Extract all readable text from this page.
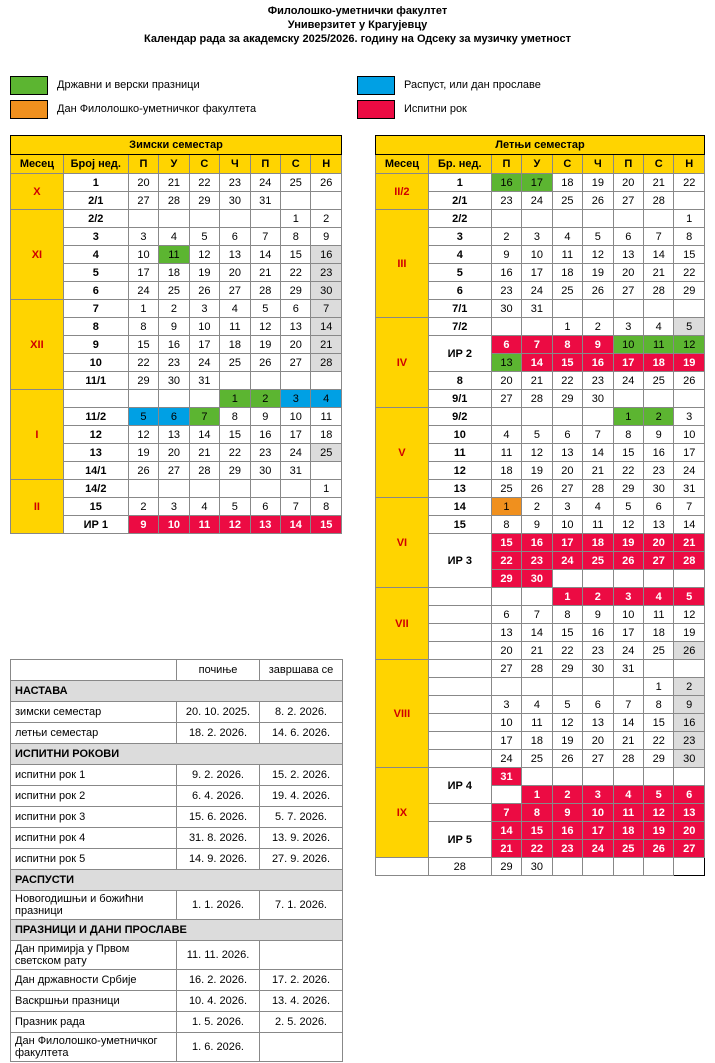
Филолошко-уметнички факултет
Универзитет у Крагујевцу
Календар рада за академску 2025/2026. годину на Одсеку за музичку уметност
Државни и верски празници
Дан Филолошко-уметничког факултета
Распуст, или дан прославе
Испитни рок
Зимски семестар								
Месец	Број нед.	П	У	С	Ч	П	С	Н
X	1	20	21	22	23	24	25	26
	2/1	27	28	29	30	31		
XI	2/2						1	2
	3	3	4	5	6	7	8	9
	4	10	11	12	13	14	15	16
	5	17	18	19	20	21	22	23
	6	24	25	26	27	28	29	30
XII	7	1	2	3	4	5	6	7
	8	8	9	10	11	12	13	14
	9	15	16	17	18	19	20	21
	10	22	23	24	25	26	27	28
	11/1	29	30	31				
I					1	2	3	4
	11/2	5	6	7	8	9	10	11
	12	12	13	14	15	16	17	18
	13	19	20	21	22	23	24	25
	14/1	26	27	28	29	30	31	
II	14/2							1
	15	2	3	4	5	6	7	8
	ИР 1	9	10	11	12	13	14	15
Летњи семестар								
Месец	Бр. нед.	П	У	С	Ч	П	С	Н
II/2	1	16	17	18	19	20	21	22
	2/1	23	24	25	26	27	28	
III	2/2							1
	3	2	3	4	5	6	7	8
	4	9	10	11	12	13	14	15
	5	16	17	18	19	20	21	22
	6	23	24	25	26	27	28	29
	7/1	30	31					
IV	7/2			1	2	3	4	5
	ИР 2	6	7	8	9	10	11	12
		13	14	15	16	17	18	19
	8	20	21	22	23	24	25	26
	9/1	27	28	29	30			
V	9/2					1	2	3
	10	4	5	6	7	8	9	10
	11	11	12	13	14	15	16	17
	12	18	19	20	21	22	23	24
	13	25	26	27	28	29	30	31
VI	14	1	2	3	4	5	6	7
	15	8	9	10	11	12	13	14
	ИР 3	15	16	17	18	19	20	21
		22	23	24	25	26	27	28
		29	30					
VII				1	2	3	4	5
		6	7	8	9	10	11	12
		13	14	15	16	17	18	19
		20	21	22	23	24	25	26
VIII		27	28	29	30	31		
							1	2
		3	4	5	6	7	8	9
		10	11	12	13	14	15	16
		17	18	19	20	21	22	23
		24	25	26	27	28	29	30
IX	ИР 4	31						
			1	2	3	4	5	6
		7	8	9	10	11	12	13
	ИР 5	14	15	16	17	18	19	20
		21	22	23	24	25	26	27
	28	29	30					
	почиње	завршава се
НАСТАВА		
зимски семестар	20. 10. 2025.	8. 2. 2026.
летњи семестар	18. 2. 2026.	14. 6. 2026.
ИСПИТНИ РОКОВИ		
испитни рок 1	9. 2. 2026.	15. 2. 2026.
испитни рок 2	6. 4. 2026.	19. 4. 2026.
испитни рок 3	15. 6. 2026.	5. 7. 2026.
испитни рок 4	31. 8. 2026.	13. 9. 2026.
испитни рок 5	14. 9. 2026.	27. 9. 2026.
РАСПУСТИ		
Новогодишњи и божићни празници	1. 1. 2026.	7. 1. 2026.
ПРАЗНИЦИ И ДАНИ ПРОСЛАВЕ		
Дан примирја у Првом светском рату	11. 11. 2026.	
Дан државности Србије	16. 2. 2026.	17. 2. 2026.
Васкршњи празници	10. 4. 2026.	13. 4. 2026.
Празник рада	1. 5. 2026.	2. 5. 2026.
Дан Филолошко-уметничког факултета	1. 6. 2026.	
